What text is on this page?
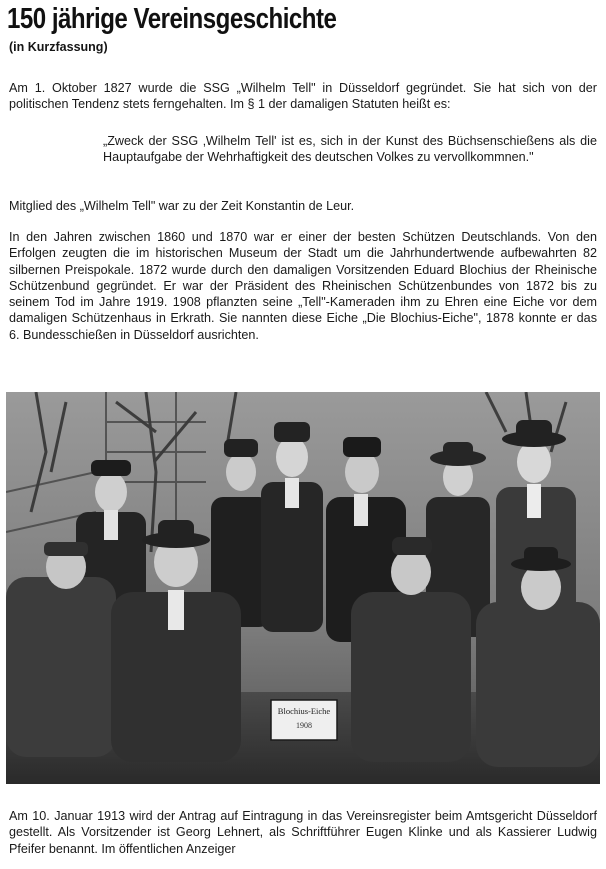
150 jährige Vereinsgeschichte
(in Kurzfassung)
Am 1. Oktober 1827 wurde die SSG „Wilhelm Tell" in Düsseldorf gegründet. Sie hat sich von der politischen Tendenz stets ferngehalten. Im § 1 der damaligen Statuten heißt es:
„Zweck der SSG ‚Wilhelm Tell' ist es, sich in der Kunst des Büchsenschießens als die Hauptaufgabe der Wehrhaftigkeit des deutschen Volkes zu vervollkommnen."
Mitglied des „Wilhelm Tell" war zu der Zeit Konstantin de Leur.
In den Jahren zwischen 1860 und 1870 war er einer der besten Schützen Deutschlands. Von den Erfolgen zeugten die im historischen Museum der Stadt um die Jahrhundertwende aufbewahrten 82 silbernen Preispokale. 1872 wurde durch den damaligen Vorsitzenden Eduard Blochius der Rheinische Schützenbund gegründet. Er war der Präsident des Rheinischen Schützenbundes von 1872 bis zu seinem Tod im Jahre 1919. 1908 pflanzten seine „Tell"-Kameraden ihm zu Ehren eine Eiche vor dem damaligen Schützenhaus in Erkrath. Sie nannten diese Eiche „Die Blochius-Eiche", 1878 konnte er das 6. Bundesschießen in Düsseldorf ausrichten.
Blochius-Eiche
1908
Am 10. Januar 1913 wird der Antrag auf Eintragung in das Vereinsregister beim Amtsgericht Düsseldorf gestellt. Als Vorsitzender ist Georg Lehnert, als Schriftführer Eugen Klinke und als Kassierer Ludwig Pfeifer benannt. Im öffentlichen Anzeiger
